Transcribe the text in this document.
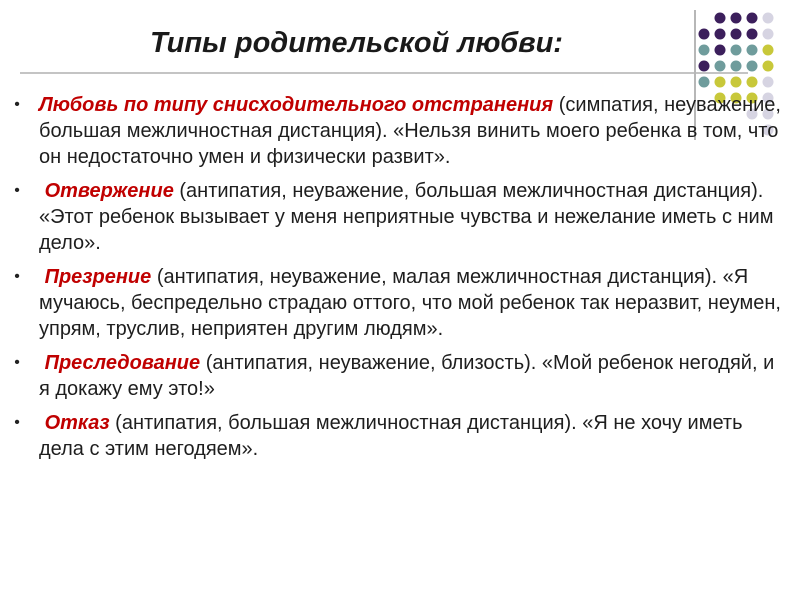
Типы родительской любви:
• Любовь по типу снисходительного отстранения (симпатия, неуважение, большая межличностная дистанция). «Нельзя винить моего ребенка в том, что он недостаточно умен и физически развит».
• Отвержение (антипатия, неуважение, большая межличностная дистанция). «Этот ребенок вызывает у меня неприятные чувства и нежелание иметь с ним дело».
• Презрение (антипатия, неуважение, малая межличностная дистанция). «Я мучаюсь, беспредельно страдаю оттого, что мой ребенок так неразвит, неумен, упрям, труслив, неприятен другим людям».
• Преследование (антипатия, неуважение, близость). «Мой ребенок негодяй, и я докажу ему это!»
• Отказ (антипатия, большая межличностная дистанция). «Я не хочу иметь дела с этим негодяем».
